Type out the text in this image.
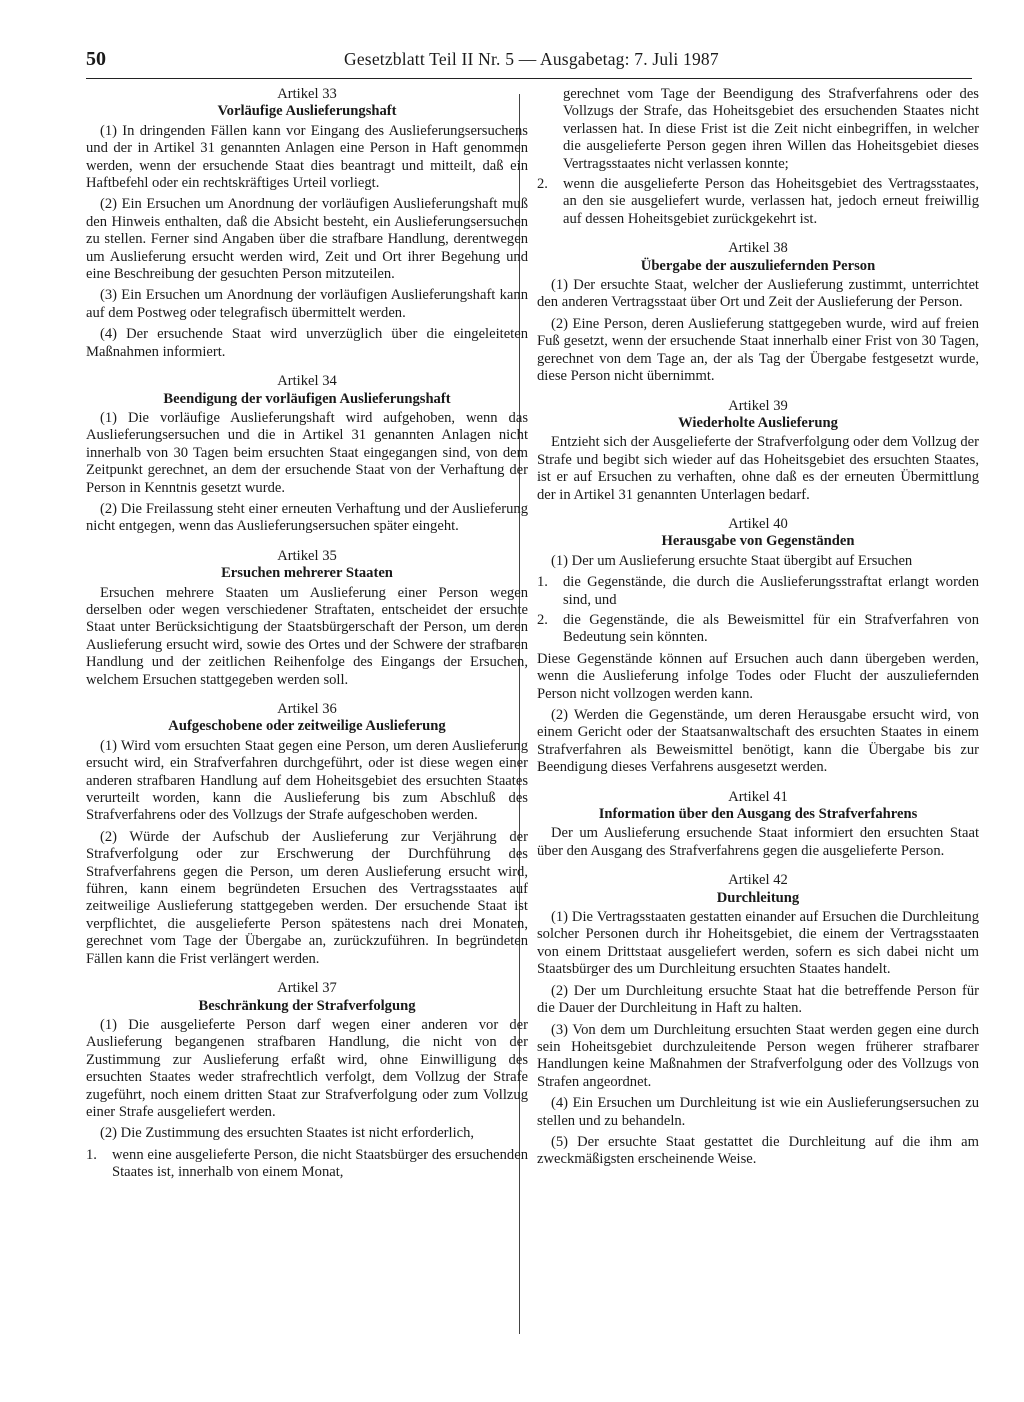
50	Gesetzblatt Teil II Nr. 5 — Ausgabetag: 7. Juli 1987
Artikel 33
Vorläufige Auslieferungshaft

(1) In dringenden Fällen kann vor Eingang des Auslieferungsersuchens und der in Artikel 31 genannten Anlagen eine Person in Haft genommen werden, wenn der ersuchende Staat dies beantragt und mitteilt, daß ein Haftbefehl oder ein rechtskräftiges Urteil vorliegt.

(2) Ein Ersuchen um Anordnung der vorläufigen Auslieferungshaft muß den Hinweis enthalten, daß die Absicht besteht, ein Auslieferungsersuchen zu stellen. Ferner sind Angaben über die strafbare Handlung, derentwegen um Auslieferung ersucht werden wird, Zeit und Ort ihrer Begehung und eine Beschreibung der gesuchten Person mitzuteilen.

(3) Ein Ersuchen um Anordnung der vorläufigen Auslieferungshaft kann auf dem Postweg oder telegrafisch übermittelt werden.

(4) Der ersuchende Staat wird unverzüglich über die eingeleiteten Maßnahmen informiert.

Artikel 34
Beendigung der vorläufigen Auslieferungshaft

(1) Die vorläufige Auslieferungshaft wird aufgehoben, wenn das Auslieferungsersuchen und die in Artikel 31 genannten Anlagen nicht innerhalb von 30 Tagen beim ersuchten Staat eingegangen sind, von dem Zeitpunkt gerechnet, an dem der ersuchende Staat von der Verhaftung der Person in Kenntnis gesetzt wurde.

(2) Die Freilassung steht einer erneuten Verhaftung und der Auslieferung nicht entgegen, wenn das Auslieferungsersuchen später eingeht.

Artikel 35
Ersuchen mehrerer Staaten

Ersuchen mehrere Staaten um Auslieferung einer Person wegen derselben oder wegen verschiedener Straftaten, entscheidet der ersuchte Staat unter Berücksichtigung der Staatsbürgerschaft der Person, um deren Auslieferung ersucht wird, sowie des Ortes und der Schwere der strafbaren Handlung und der zeitlichen Reihenfolge des Eingangs der Ersuchen, welchem Ersuchen stattgegeben werden soll.

Artikel 36
Aufgeschobene oder zeitweilige Auslieferung

(1) Wird vom ersuchten Staat gegen eine Person, um deren Auslieferung ersucht wird, ein Strafverfahren durchgeführt, oder ist diese wegen einer anderen strafbaren Handlung auf dem Hoheitsgebiet des ersuchten Staates verurteilt worden, kann die Auslieferung bis zum Abschluß des Strafverfahrens oder des Vollzugs der Strafe aufgeschoben werden.

(2) Würde der Aufschub der Auslieferung zur Verjährung der Strafverfolgung oder zur Erschwerung der Durchführung des Strafverfahrens gegen die Person, um deren Auslieferung ersucht wird, führen, kann einem begründeten Ersuchen des Vertragsstaates auf zeitweilige Auslieferung stattgegeben werden. Der ersuchende Staat ist verpflichtet, die ausgelieferte Person spätestens nach drei Monaten, gerechnet vom Tage der Übergabe an, zurückzuführen. In begründeten Fällen kann die Frist verlängert werden.

Artikel 37
Beschränkung der Strafverfolgung

(1) Die ausgelieferte Person darf wegen einer anderen vor der Auslieferung begangenen strafbaren Handlung, die nicht von der Zustimmung zur Auslieferung erfaßt wird, ohne Einwilligung des ersuchten Staates weder strafrechtlich verfolgt, dem Vollzug der Strafe zugeführt, noch einem dritten Staat zur Strafverfolgung oder zum Vollzug einer Strafe ausgeliefert werden.

(2) Die Zustimmung des ersuchten Staates ist nicht erforderlich,

1.	wenn eine ausgelieferte Person, die nicht Staatsbürger des ersuchenden Staates ist, innerhalb von einem Monat,
gerechnet vom Tage der Beendigung des Strafverfahrens oder des Vollzugs der Strafe, das Hoheitsgebiet des ersuchenden Staates nicht verlassen hat. In diese Frist ist die Zeit nicht einbegriffen, in welcher die ausgelieferte Person gegen ihren Willen das Hoheitsgebiet dieses Vertragsstaates nicht verlassen konnte;
2.	wenn die ausgelieferte Person das Hoheitsgebiet des Vertragsstaates, an den sie ausgeliefert wurde, verlassen hat, jedoch erneut freiwillig auf dessen Hoheitsgebiet zurückgekehrt ist.
Artikel 38
Übergabe der auszuliefernden Person

(1) Der ersuchte Staat, welcher der Auslieferung zustimmt, unterrichtet den anderen Vertragsstaat über Ort und Zeit der Auslieferung der Person.

(2) Eine Person, deren Auslieferung stattgegeben wurde, wird auf freien Fuß gesetzt, wenn der ersuchende Staat innerhalb einer Frist von 30 Tagen, gerechnet von dem Tage an, der als Tag der Übergabe festgesetzt wurde, diese Person nicht übernimmt.

Artikel 39
Wiederholte Auslieferung

Entzieht sich der Ausgelieferte der Strafverfolgung oder dem Vollzug der Strafe und begibt sich wieder auf das Hoheitsgebiet des ersuchten Staates, ist er auf Ersuchen zu verhaften, ohne daß es der erneuten Übermittlung der in Artikel 31 genannten Unterlagen bedarf.

Artikel 40
Herausgabe von Gegenständen

(1) Der um Auslieferung ersuchte Staat übergibt auf Ersuchen

1.	die Gegenstände, die durch die Auslieferungsstraftat erlangt worden sind, und
2.	die Gegenstände, die als Beweismittel für ein Strafverfahren von Bedeutung sein könnten.

Diese Gegenstände können auf Ersuchen auch dann übergeben werden, wenn die Auslieferung infolge Todes oder Flucht der auszuliefernden Person nicht vollzogen werden kann.

(2) Werden die Gegenstände, um deren Herausgabe ersucht wird, von einem Gericht oder der Staatsanwaltschaft des ersuchten Staates in einem Strafverfahren als Beweismittel benötigt, kann die Übergabe bis zur Beendigung dieses Verfahrens ausgesetzt werden.

Artikel 41
Information über den Ausgang des Strafverfahrens

Der um Auslieferung ersuchende Staat informiert den ersuchten Staat über den Ausgang des Strafverfahrens gegen die ausgelieferte Person.

Artikel 42
Durchleitung

(1) Die Vertragsstaaten gestatten einander auf Ersuchen die Durchleitung solcher Personen durch ihr Hoheitsgebiet, die einem der Vertragsstaaten von einem Drittstaat ausgeliefert werden, sofern es sich dabei nicht um Staatsbürger des um Durchleitung ersuchten Staates handelt.

(2) Der um Durchleitung ersuchte Staat hat die betreffende Person für die Dauer der Durchleitung in Haft zu halten.

(3) Von dem um Durchleitung ersuchten Staat werden gegen eine durch sein Hoheitsgebiet durchzuleitende Person wegen früherer strafbarer Handlungen keine Maßnahmen der Strafverfolgung oder des Vollzugs von Strafen angeordnet.

(4) Ein Ersuchen um Durchleitung ist wie ein Auslieferungsersuchen zu stellen und zu behandeln.

(5) Der ersuchte Staat gestattet die Durchleitung auf die ihm am zweckmäßigsten erscheinende Weise.
